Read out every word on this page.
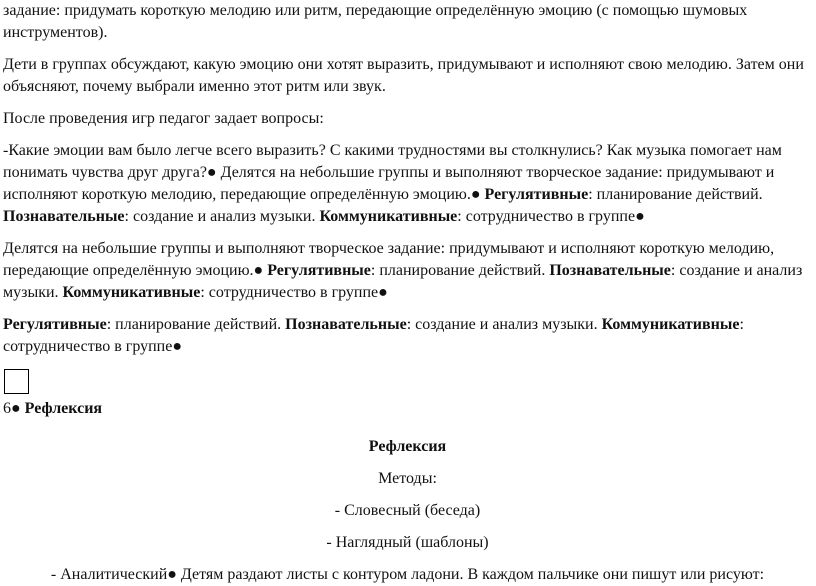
задание: придумать короткую мелодию или ритм, передающие определённую эмоцию (с помощью шумовых инструментов).

Дети в группах обсуждают, какую эмоцию они хотят выразить, придумывают и исполняют свою мелодию. Затем они объясняют, почему выбрали именно этот ритм или звук.

После проведения игр педагог задает вопросы:

-Какие эмоции вам было легче всего выразить? С какими трудностями вы столкнулись? Как музыка помогает нам понимать чувства друг друга?● Делятся на небольшие группы и выполняют творческое задание: придумывают и исполняют короткую мелодию, передающие определённую эмоцию.● Регулятивные: планирование действий. Познавательные: создание и анализ музыки. Коммуникативные: сотрудничество в группе●

Делятся на небольшие группы и выполняют творческое задание: придумывают и исполняют короткую мелодию, передающие определённую эмоцию.● Регулятивные: планирование действий. Познавательные: создание и анализ музыки. Коммуникативные: сотрудничество в группе●

Регулятивные: планирование действий. Познавательные: создание и анализ музыки. Коммуникативные: сотрудничество в группе●

6● Рефлексия

Рефлексия

Методы:

- Словесный (беседа)

- Наглядный (шаблоны)

- Аналитический● Детям раздают листы с контуром ладони. В каждом пальчике они пишут или рисуют:
